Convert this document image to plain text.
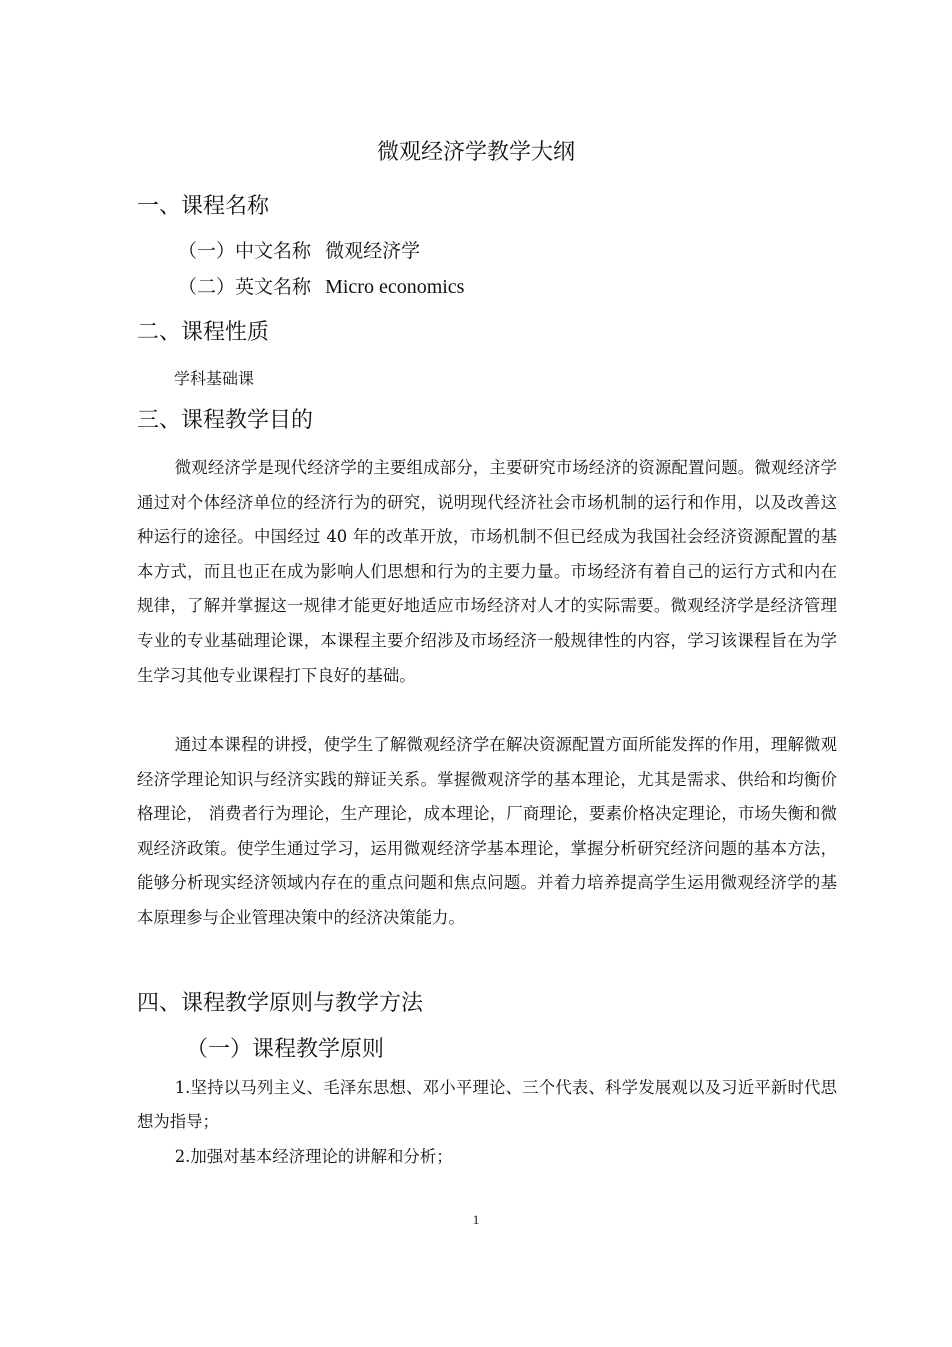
微观经济学教学大纲
一、课程名称
（一）中文名称 微观经济学
（二）英文名称 Micro economics
二、课程性质

学科基础课

三、课程教学目的

微观经济学是现代经济学的主要组成部分，主要研究市场经济的资源配置问题。微观经济学通过对个体经济单位的经济行为的研究，说明现代经济社会市场机制的运行和作用，以及改善这种运行的途径。中国经过 40 年的改革开放，市场机制不但已经成为我国社会经济资源配置的基本方式，而且也正在成为影响人们思想和行为的主要力量。市场经济有着自己的运行方式和内在规律，了解并掌握这一规律才能更好地适应市场经济对人才的实际需要。微观经济学是经济管理专业的专业基础理论课，本课程主要介绍涉及市场经济一般规律性的内容，学习该课程旨在为学生学习其他专业课程打下良好的基础。

通过本课程的讲授，使学生了解微观经济学在解决资源配置方面所能发挥的作用，理解微观经济学理论知识与经济实践的辩证关系。掌握微观济学的基本理论，尤其是需求、供给和均衡价格理论， 消费者行为理论，生产理论，成本理论，厂商理论，要素价格决定理论，市场失衡和微观经济政策。使学生通过学习，运用微观经济学基本理论，掌握分析研究经济问题的基本方法，能够分析现实经济领域内存在的重点问题和焦点问题。并着力培养提高学生运用微观经济学的基本原理参与企业管理决策中的经济决策能力。

四、课程教学原则与教学方法
（一）课程教学原则

1.坚持以马列主义、毛泽东思想、邓小平理论、三个代表、科学发展观以及习近平新时代思想为指导；

2.加强对基本经济理论的讲解和分析；

1
